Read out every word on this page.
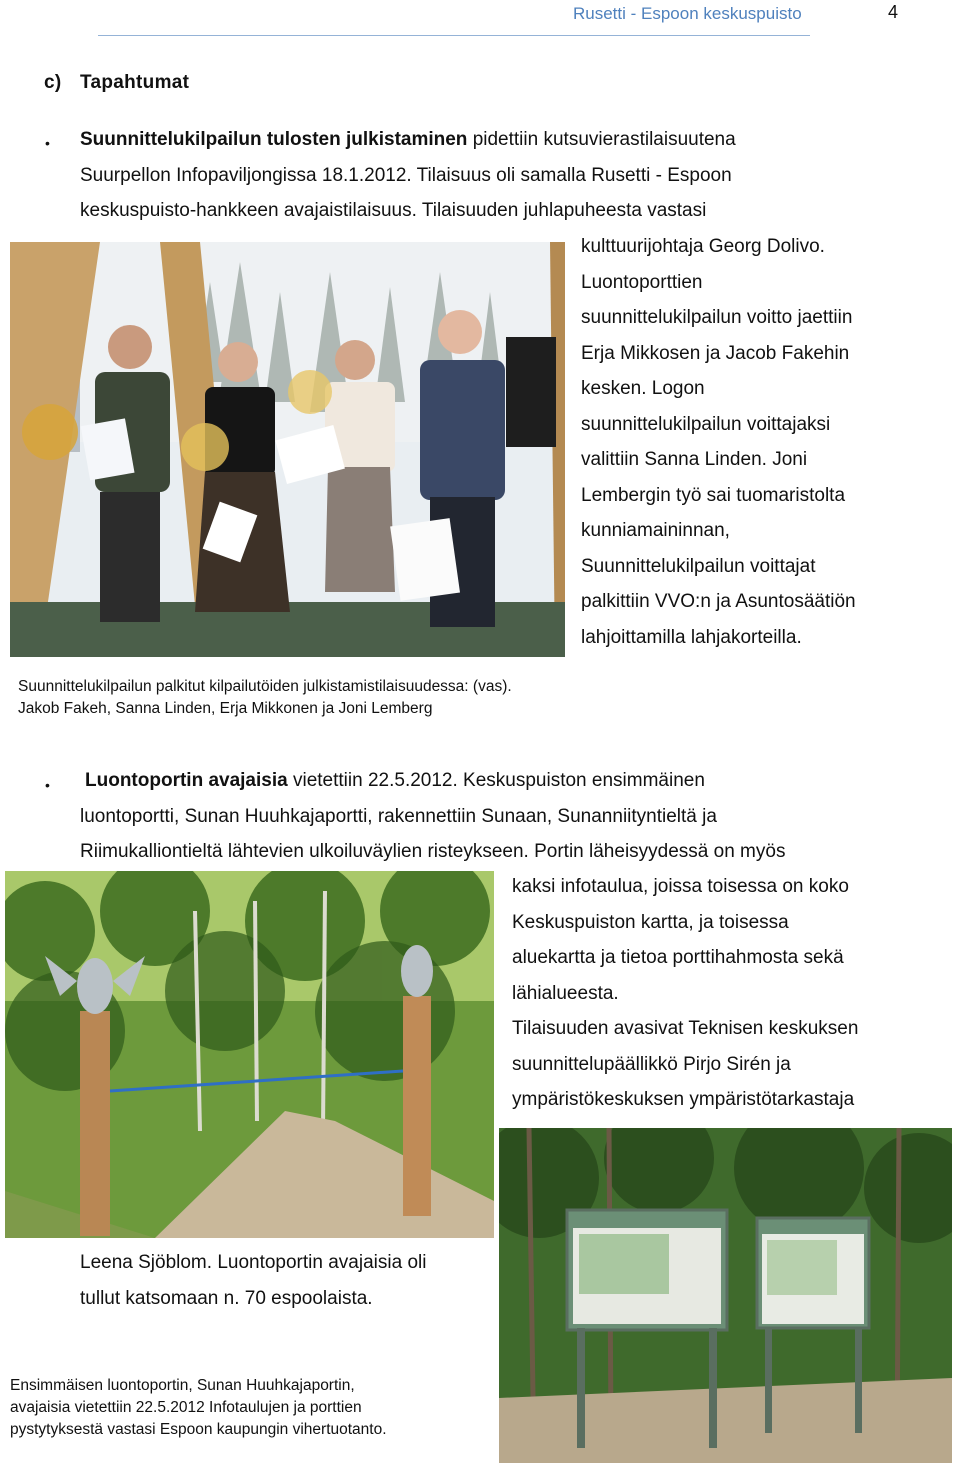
Rusetti - Espoon keskuspuisto	4
c) Tapahtumat
• Suunnittelukilpailun tulosten julkistaminen pidettiin kutsuvierastilaisuutena
Suurpellon Infopaviljongissa 18.1.2012. Tilaisuus oli samalla Rusetti - Espoon
keskuspuisto-hankkeen avajaistilaisuus. Tilaisuuden juhlapuheesta vastasi
kulttuurijohtaja Georg Dolivo.
Luontoporttien
suunnittelukilpailun voitto jaettiin
Erja Mikkosen ja Jacob Fakehin
kesken. Logon
suunnittelukilpailun voittajaksi
valittiin Sanna Linden. Joni
Lembergin työ sai tuomaristolta
kunniamaininnan,
Suunnittelukilpailun voittajat
palkittiin VVO:n ja Asuntosäätiön
lahjoittamilla lahjakorteilla.
Suunnittelukilpailun palkitut kilpailutöiden julkistamistilaisuudessa: (vas).
Jakob Fakeh, Sanna Linden, Erja Mikkonen ja Joni Lemberg
• Luontoportin avajaisia vietettiin 22.5.2012. Keskuspuiston ensimmäinen
luontoportti, Sunan Huuhkajaportti, rakennettiin Sunaan, Sunanniityntieltä ja
Riimukalliontieltä lähtevien ulkoiluväylien risteykseen. Portin läheisyydessä on myös
kaksi infotaulua, joissa toisessa on koko
Keskuspuiston kartta, ja toisessa
aluekartta ja tietoa porttihahmosta sekä
lähialueesta.
Tilaisuuden avasivat Teknisen keskuksen
suunnittelupäällikkö Pirjo Sirén ja
ympäristökeskuksen ympäristötarkastaja
Leena Sjöblom. Luontoportin avajaisia oli
tullut katsomaan n. 70 espoolaista.
Ensimmäisen luontoportin, Sunan Huuhkajaportin,
avajaisia vietettiin 22.5.2012 Infotaulujen ja porttien
pystytyksestä vastasi Espoon kaupungin vihertuotanto.
